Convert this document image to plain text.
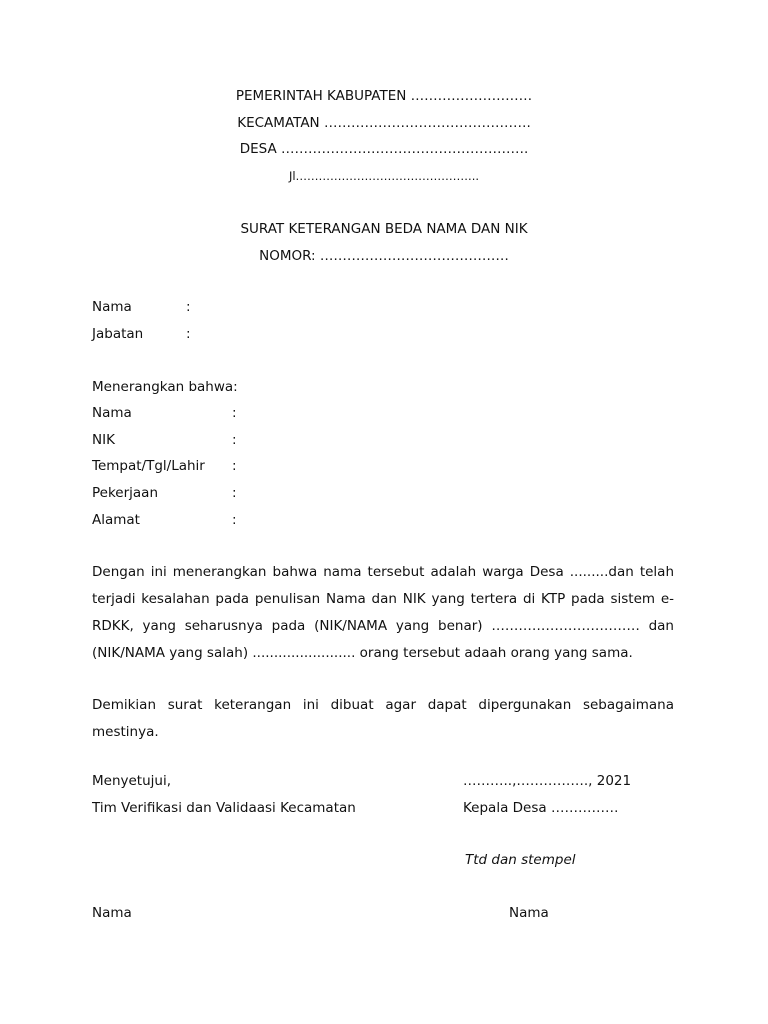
PEMERINTAH KABUPATEN ………………………
KECAMATAN ……………………………………….
DESA ……………………………………………….
Jl………………………………………...
SURAT KETERANGAN BEDA NAMA DAN NIK
NOMOR: ……………………………………
Nama	:
Jabatan	:
Menerangkan bahwa:
Nama	:
NIK	:
Tempat/Tgl/Lahir :
Pekerjaan	:
Alamat	:
Dengan ini menerangkan bahwa nama tersebut adalah warga Desa .........dan telah
terjadi kesalahan pada penulisan Nama dan NIK yang tertera di KTP pada sistem e-
RDKK, yang seharusnya pada (NIK/NAMA yang benar) …………………………… dan
(NIK/NAMA yang salah) ........................ orang tersebut adaah orang yang sama.
Demikian surat keterangan ini dibuat agar dapat dipergunakan sebagaimana
mestinya.
Menyetujui,	………..,……………., 2021
Tim Verifikasi dan Validaasi Kecamatan	Kepala Desa ……………
Ttd dan stempel
Nama	Nama
